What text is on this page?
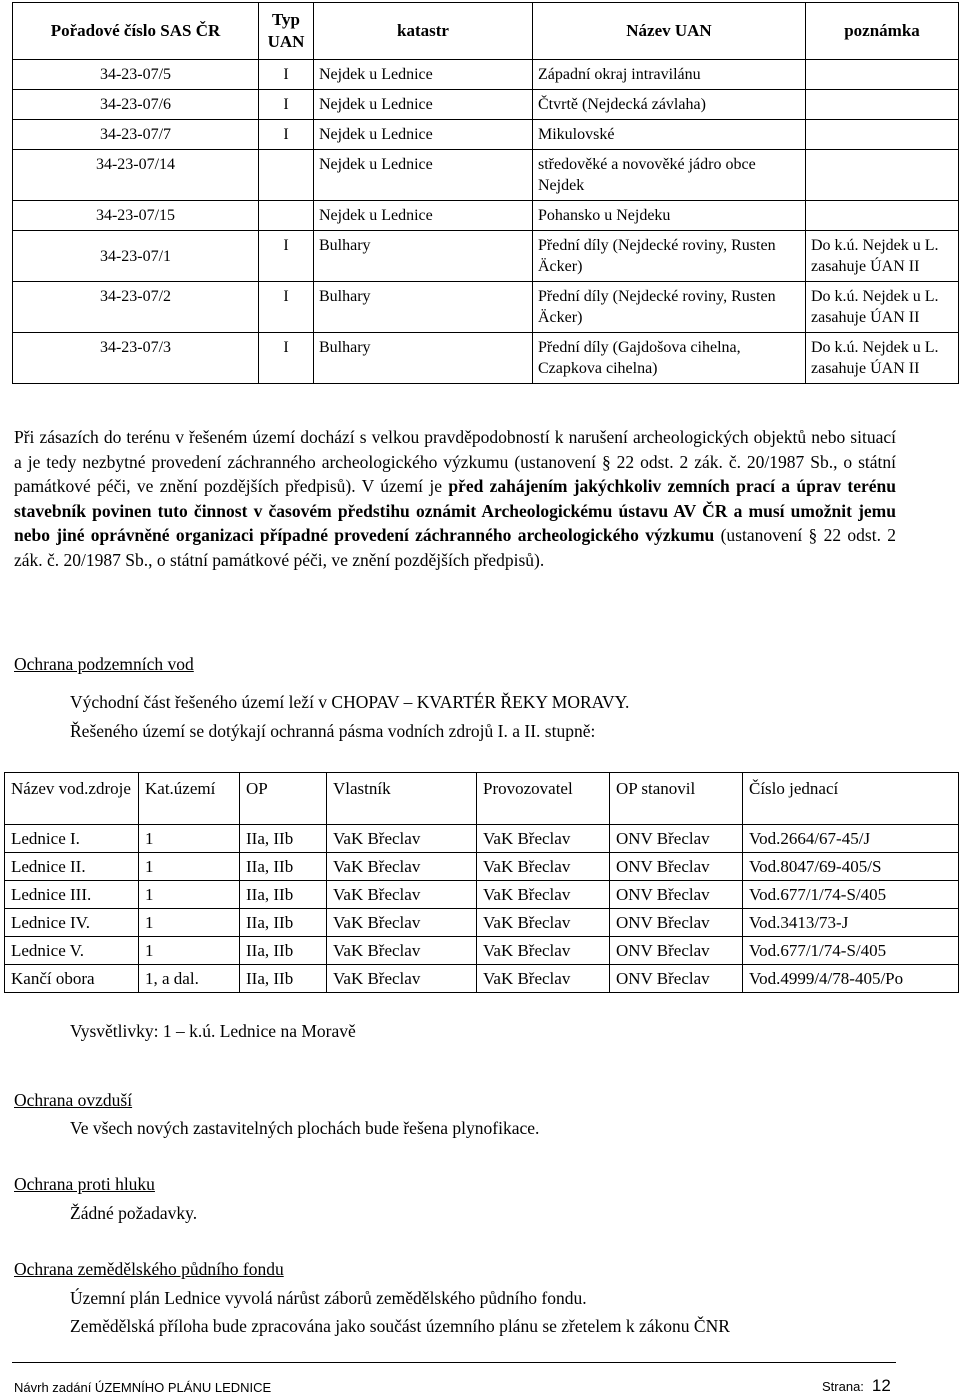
Pořadové číslo SAS ČR	Typ UAN	katastr	Název UAN	poznámka
34-23-07/5	I	Nejdek u Lednice	Západní okraj intravilánu	
34-23-07/6	I	Nejdek u Lednice	Čtvrtě (Nejdecká závlaha)	
34-23-07/7	I	Nejdek u Lednice	Mikulovské	
34-23-07/14		Nejdek u Lednice	středověké a novověké jádro obce Nejdek	
34-23-07/15		Nejdek u Lednice	Pohansko u Nejdeku	
34-23-07/1	I	Bulhary	Přední díly (Nejdecké roviny, Rusten Äcker)	Do k.ú. Nejdek u L. zasahuje ÚAN II
34-23-07/2	I	Bulhary	Přední díly (Nejdecké roviny, Rusten Äcker)	Do k.ú. Nejdek u L. zasahuje ÚAN II
34-23-07/3	I	Bulhary	Přední díly (Gajdošova cihelna, Czapkova cihelna)	Do k.ú. Nejdek u L. zasahuje ÚAN II

Při zásazích do terénu v řešeném území dochází s velkou pravděpodobností k narušení archeologických objektů nebo situací a je tedy nezbytné provedení záchranného archeologického výzkumu (ustanovení § 22 odst. 2 zák. č. 20/1987 Sb., o státní památkové péči, ve znění pozdějších předpisů). V území je před zahájením jakýchkoliv zemních prací a úprav terénu stavebník povinen tuto činnost v časovém předstihu oznámit Archeologickému ústavu AV ČR a musí umožnit jemu nebo jiné oprávněné organizaci případné provedení záchranného archeologického výzkumu (ustanovení § 22 odst. 2 zák. č. 20/1987 Sb., o státní památkové péči, ve znění pozdějších předpisů).

Ochrana podzemních vod

Východní část řešeného území leží v CHOPAV – KVARTÉR ŘEKY MORAVY.

Řešeného území se dotýkají ochranná pásma vodních zdrojů I. a II. stupně:

Název vod.zdroje	Kat.území	OP	Vlastník	Provozovatel	OP stanovil	Číslo jednací
Lednice I.	1	IIa, IIb	VaK Břeclav	VaK Břeclav	ONV Břeclav	Vod.2664/67-45/J
Lednice II.	1	IIa, IIb	VaK Břeclav	VaK Břeclav	ONV Břeclav	Vod.8047/69-405/S
Lednice III.	1	IIa, IIb	VaK Břeclav	VaK Břeclav	ONV Břeclav	Vod.677/1/74-S/405
Lednice IV.	1	IIa, IIb	VaK Břeclav	VaK Břeclav	ONV Břeclav	Vod.3413/73-J
Lednice V.	1	IIa, IIb	VaK Břeclav	VaK Břeclav	ONV Břeclav	Vod.677/1/74-S/405
Kančí obora	1, a dal.	IIa, IIb	VaK Břeclav	VaK Břeclav	ONV Břeclav	Vod.4999/4/78-405/Po

Vysvětlivky: 1 – k.ú. Lednice na Moravě

Ochrana ovzduší

Ve všech nových zastavitelných plochách bude řešena plynofikace.

Ochrana proti hluku

Žádné požadavky.

Ochrana zemědělského půdního fondu

Územní plán Lednice vyvolá nárůst záborů zemědělského půdního fondu.

Zemědělská příloha bude zpracována jako součást územního plánu se zřetelem k zákonu ČNR

Návrh zadání ÚZEMNÍHO PLÁNU LEDNICE	Strana: 12
